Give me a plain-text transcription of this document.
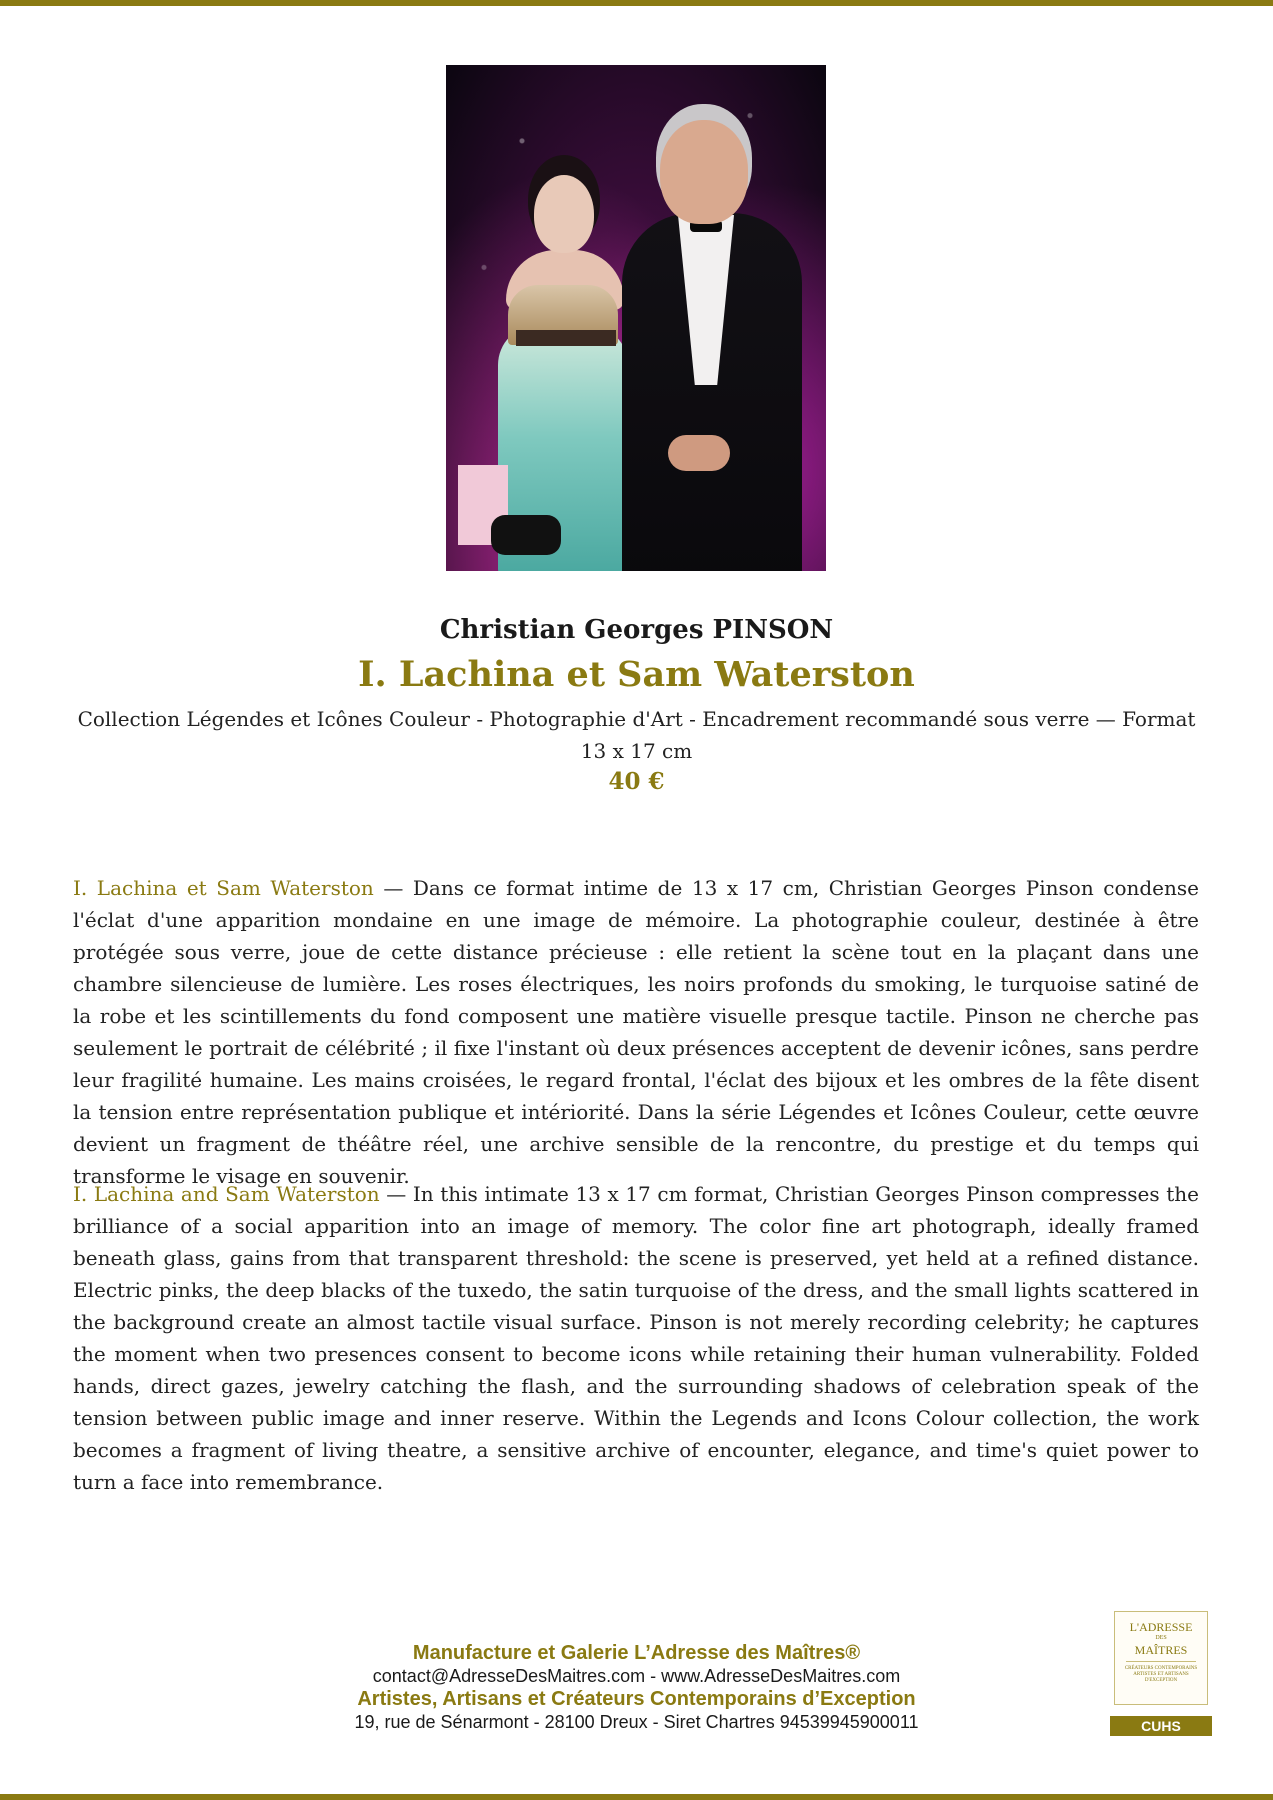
Christian Georges PINSON
I. Lachina et Sam Waterston

Collection Légendes et Icônes Couleur - Photographie d'Art - Encadrement recommandé sous verre — Format 13 x 17 cm

40 €

I. Lachina et Sam Waterston — Dans ce format intime de 13 x 17 cm, Christian Georges Pinson condense l'éclat d'une apparition mondaine en une image de mémoire. La photographie couleur, destinée à être protégée sous verre, joue de cette distance précieuse : elle retient la scène tout en la plaçant dans une chambre silencieuse de lumière. Les roses électriques, les noirs profonds du smoking, le turquoise satiné de la robe et les scintillements du fond composent une matière visuelle presque tactile. Pinson ne cherche pas seulement le portrait de célébrité ; il fixe l'instant où deux présences acceptent de devenir icônes, sans perdre leur fragilité humaine. Les mains croisées, le regard frontal, l'éclat des bijoux et les ombres de la fête disent la tension entre représentation publique et intériorité. Dans la série Légendes et Icônes Couleur, cette œuvre devient un fragment de théâtre réel, une archive sensible de la rencontre, du prestige et du temps qui transforme le visage en souvenir.

I. Lachina and Sam Waterston — In this intimate 13 x 17 cm format, Christian Georges Pinson compresses the brilliance of a social apparition into an image of memory. The color fine art photograph, ideally framed beneath glass, gains from that transparent threshold: the scene is preserved, yet held at a refined distance. Electric pinks, the deep blacks of the tuxedo, the satin turquoise of the dress, and the small lights scattered in the background create an almost tactile visual surface. Pinson is not merely recording celebrity; he captures the moment when two presences consent to become icons while retaining their human vulnerability. Folded hands, direct gazes, jewelry catching the flash, and the surrounding shadows of celebration speak of the tension between public image and inner reserve. Within the Legends and Icons Colour collection, the work becomes a fragment of living theatre, a sensitive archive of encounter, elegance, and time's quiet power to turn a face into remembrance.

Manufacture et Galerie L’Adresse des Maîtres®
contact@AdresseDesMaitres.com - www.AdresseDesMaitres.com
Artistes, Artisans et Créateurs Contemporains d’Exception
19, rue de Sénarmont - 28100 Dreux - Siret Chartres 94539945900011
L'ADRESSE
DES
MAÎTRES
CRÉATEURS CONTEMPORAINS ARTISTES ET ARTISANS D'EXCEPTION
CUHS
